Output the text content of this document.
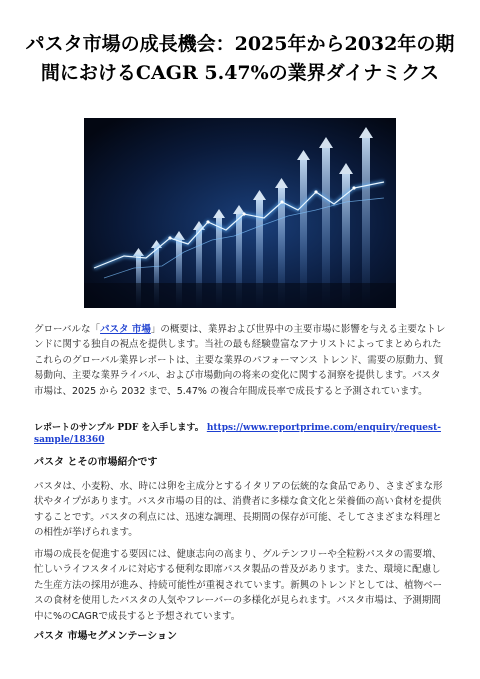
パスタ市場の成長機会：2025年から2032年の期間におけるCAGR 5.47%の業界ダイナミクス

グローバルな「パスタ 市場」の概要は、業界および世界中の主要市場に影響を与える主要なトレンドに関する独自の視点を提供します。当社の最も経験豊富なアナリストによってまとめられたこれらのグローバル業界レポートは、主要な業界のパフォーマンス トレンド、需要の原動力、貿易動向、主要な業界ライバル、および市場動向の将来の変化に関する洞察を提供します。パスタ 市場は、2025 から 2032 まで、5.47% の複合年間成長率で成長すると予測されています。

レポートのサンプル PDF を入手します。 https://www.reportprime.com/enquiry/request-sample/18360

パスタ とその市場紹介です

パスタは、小麦粉、水、時には卵を主成分とするイタリアの伝統的な食品であり、さまざまな形状やタイプがあります。パスタ市場の目的は、消費者に多様な食文化と栄養価の高い食材を提供することです。パスタの利点には、迅速な調理、長期間の保存が可能、そしてさまざまな料理との相性が挙げられます。

市場の成長を促進する要因には、健康志向の高まり、グルテンフリーや全粒粉パスタの需要増、忙しいライフスタイルに対応する便利な即席パスタ製品の普及があります。また、環境に配慮した生産方法の採用が進み、持続可能性が重視されています。新興のトレンドとしては、植物ベースの食材を使用したパスタの人気やフレーバーの多様化が見られます。パスタ市場は、予測期間中に%のCAGRで成長すると予想されています。

パスタ 市場セグメンテーション
